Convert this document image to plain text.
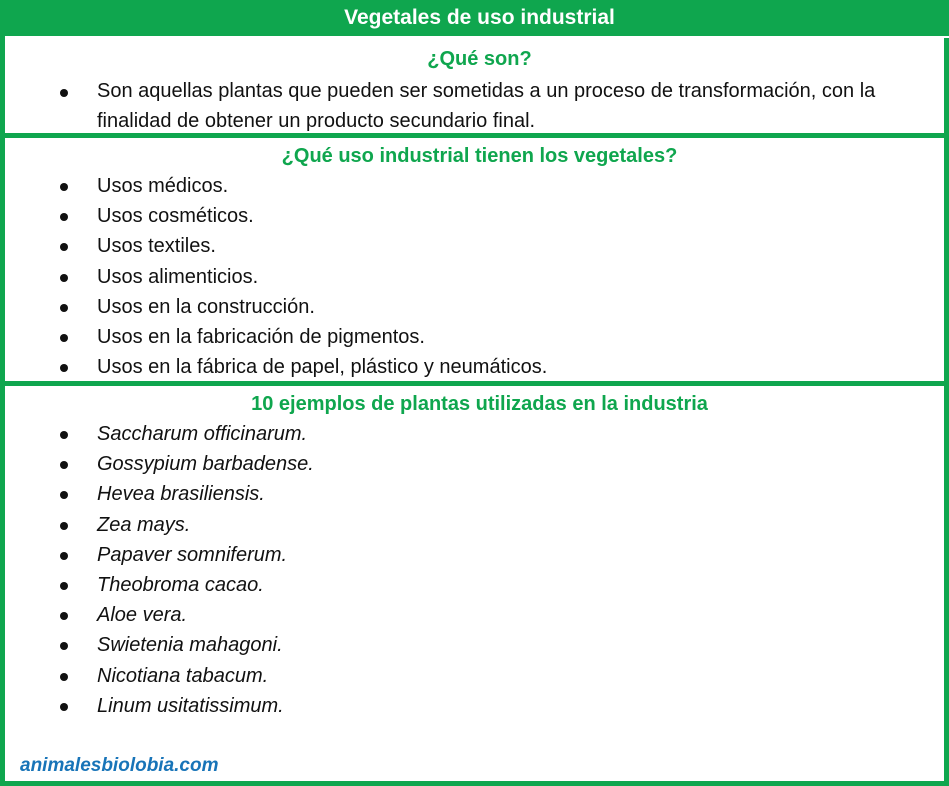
Vegetales de uso industrial
¿Qué son?
Son aquellas plantas que pueden ser sometidas a un proceso de transformación, con la finalidad de obtener un producto secundario final.
¿Qué uso industrial tienen los vegetales?
Usos médicos.
Usos cosméticos.
Usos textiles.
Usos alimenticios.
Usos en la construcción.
Usos en la fabricación de pigmentos.
Usos en la fábrica de papel, plástico y neumáticos.
10 ejemplos de plantas utilizadas en la industria
Saccharum officinarum.
Gossypium barbadense.
Hevea brasiliensis.
Zea mays.
Papaver somniferum.
Theobroma cacao.
Aloe vera.
Swietenia mahagoni.
Nicotiana tabacum.
Linum usitatissimum.
animalesbiolobia.com
